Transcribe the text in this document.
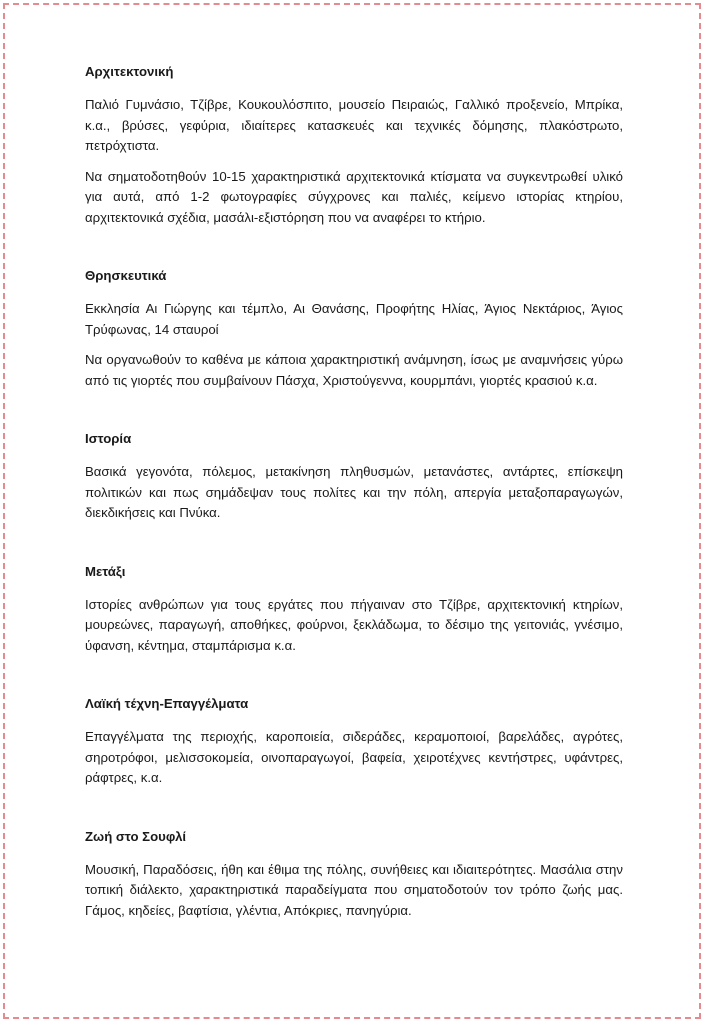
Αρχιτεκτονική

Παλιό Γυμνάσιο, Τζίβρε, Κουκουλόσπιτο, μουσείο Πειραιώς, Γαλλικό προξενείο, Μπρίκα, κ.α., βρύσες, γεφύρια, ιδιαίτερες κατασκευές και τεχνικές δόμησης, πλακόστρωτο, πετρόχτιστα.

Να σηματοδοτηθούν 10-15 χαρακτηριστικά αρχιτεκτονικά κτίσματα να συγκεντρωθεί υλικό για αυτά, από 1-2 φωτογραφίες σύγχρονες και παλιές, κείμενο ιστορίας κτηρίου, αρχιτεκτονικά σχέδια, μασάλι-εξιστόρηση που να αναφέρει το κτήριο.

Θρησκευτικά

Εκκλησία Αι Γιώργης και τέμπλο, Αι Θανάσης, Προφήτης Ηλίας, Άγιος Νεκτάριος, Άγιος Τρύφωνας, 14 σταυροί

Να οργανωθούν το καθένα με κάποια χαρακτηριστική ανάμνηση, ίσως με αναμνήσεις γύρω από τις γιορτές που συμβαίνουν Πάσχα, Χριστούγεννα, κουρμπάνι, γιορτές κρασιού κ.α.

Ιστορία

Βασικά γεγονότα, πόλεμος, μετακίνηση πληθυσμών, μετανάστες, αντάρτες, επίσκεψη πολιτικών και πως σημάδεψαν τους πολίτες και την πόλη, απεργία μεταξοπαραγωγών, διεκδικήσεις και Πνύκα.

Μετάξι

Ιστορίες ανθρώπων για τους εργάτες που πήγαιναν στο Τζίβρε, αρχιτεκτονική κτηρίων, μουρεώνες, παραγωγή, αποθήκες, φούρνοι, ξεκλάδωμα, το δέσιμο της γειτονιάς, γνέσιμο, ύφανση, κέντημα, σταμπάρισμα κ.α.

Λαϊκή τέχνη-Επαγγέλματα

Επαγγέλματα της περιοχής, καροποιεία, σιδεράδες, κεραμοποιοί, βαρελάδες, αγρότες, σηροτρόφοι, μελισσοκομεία, οινοπαραγωγοί, βαφεία, χειροτέχνες κεντήστρες, υφάντρες, ράφτρες, κ.α.

Ζωή στο Σουφλί

Μουσική, Παραδόσεις, ήθη και έθιμα της πόλης, συνήθειες και ιδιαιτερότητες. Μασάλια στην τοπική διάλεκτο, χαρακτηριστικά παραδείγματα που σηματοδοτούν τον τρόπο ζωής μας. Γάμος, κηδείες, βαφτίσια, γλέντια, Απόκριες, πανηγύρια.
